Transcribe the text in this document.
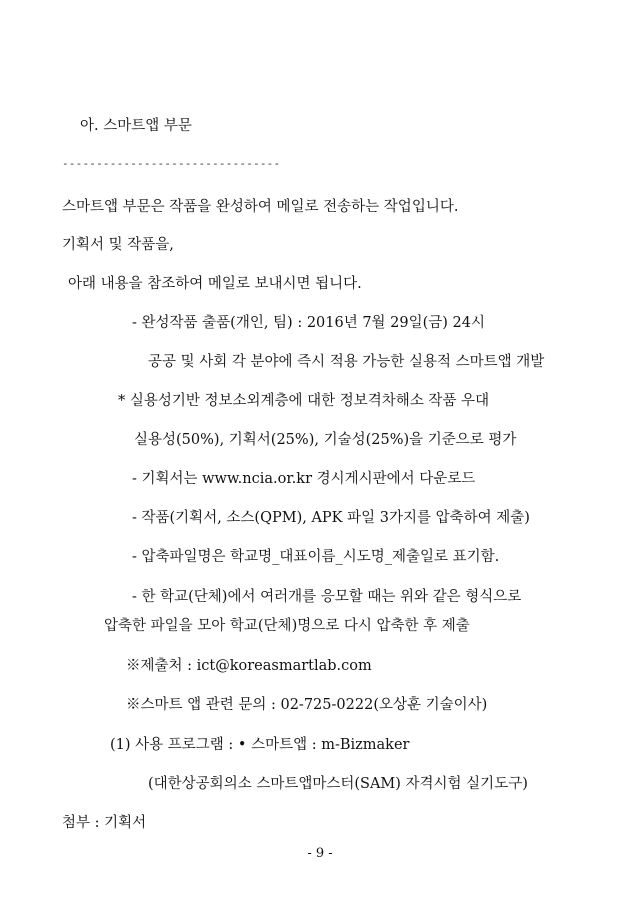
아. 스마트앱 부문
--------------------------------
스마트앱 부문은 작품을 완성하여 메일로 전송하는 작업입니다.
기획서 및 작품을,
아래 내용을 참조하여 메일로 보내시면 됩니다.
- 완성작품 출품(개인, 팀) : 2016년 7월 29일(금) 24시
공공 및 사회 각 분야에 즉시 적용 가능한 실용적 스마트앱 개발
* 실용성기반 정보소외계층에 대한 정보격차해소 작품 우대
실용성(50%), 기획서(25%), 기술성(25%)을 기준으로 평가
- 기획서는 www.ncia.or.kr 경시게시판에서 다운로드
- 작품(기획서, 소스(QPM), APK 파일 3가지를 압축하여 제출)
- 압축파일명은 학교명_대표이름_시도명_제출일로 표기함.
- 한 학교(단체)에서 여러개를 응모할 때는 위와 같은 형식으로
압축한 파일을 모아 학교(단체)명으로 다시 압축한 후 제출
※제출처 : ict@koreasmartlab.com
※스마트 앱 관련 문의 : 02-725-0222(오상훈 기술이사)
(1) 사용 프로그램 : • 스마트앱 : m-Bizmaker
(대한상공회의소 스마트앱마스터(SAM) 자격시험 실기도구)
첨부 : 기획서
- 9 -
